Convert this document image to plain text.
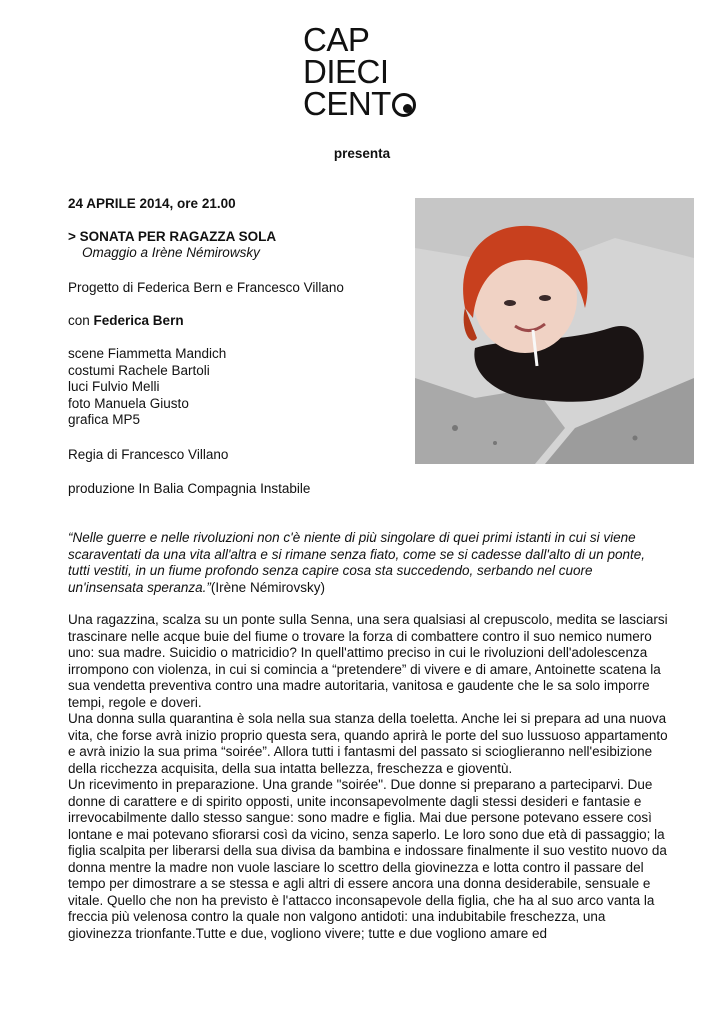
CAP
DIECI
CENT
presenta
24 APRILE 2014, ore 21.00
> SONATA PER RAGAZZA SOLA
Omaggio a Irène Némirowsky
Progetto di Federica Bern e Francesco Villano
con Federica Bern
scene Fiammetta Mandich
costumi Rachele Bartoli
luci Fulvio Melli
foto Manuela Giusto
grafica MP5
Regia di Francesco Villano
produzione In Balia Compagnia Instabile
“Nelle guerre e nelle rivoluzioni non c'è niente di più singolare di quei primi istanti in cui si viene scaraventati da una vita all'altra e si rimane senza fiato, come se si cadesse dall'alto di un ponte, tutti vestiti, in un fiume profondo senza capire cosa sta succedendo, serbando nel cuore un'insensata speranza.”(Irène Némirovsky)

Una ragazzina, scalza su un ponte sulla Senna, una sera qualsiasi al crepuscolo, medita se lasciarsi trascinare nelle acque buie del fiume o trovare la forza di combattere contro il suo nemico numero uno: sua madre. Suicidio o matricidio? In quell'attimo preciso in cui le rivoluzioni dell'adolescenza irrompono con violenza, in cui si comincia a “pretendere” di vivere e di amare, Antoinette scatena la sua vendetta preventiva contro una madre autoritaria, vanitosa e gaudente che le sa solo imporre tempi, regole e doveri.

Una donna sulla quarantina è sola nella sua stanza della toeletta. Anche lei si prepara ad una nuova vita, che forse avrà inizio proprio questa sera, quando aprirà le porte del suo lussuoso appartamento e avrà inizio la sua prima “soirée”. Allora tutti i fantasmi del passato si scioglieranno nell'esibizione della ricchezza acquisita, della sua intatta bellezza, freschezza e gioventù.

Un ricevimento in preparazione. Una grande "soirée". Due donne si preparano a parteciparvi. Due donne di carattere e di spirito opposti, unite inconsapevolmente dagli stessi desideri e fantasie e irrevocabilmente dallo stesso sangue: sono madre e figlia. Mai due persone potevano essere così lontane e mai potevano sfiorarsi così da vicino, senza saperlo. Le loro sono due età di passaggio; la figlia scalpita per liberarsi della sua divisa da bambina e indossare finalmente il suo vestito nuovo da donna mentre la madre non vuole lasciare lo scettro della giovinezza e lotta contro il passare del tempo per dimostrare a se stessa e agli altri di essere ancora una donna desiderabile, sensuale e vitale. Quello che non ha previsto è l'attacco inconsapevole della figlia, che ha al suo arco vanta la freccia più velenosa contro la quale non valgono antidoti: una indubitabile freschezza, una giovinezza trionfante.Tutte e due, vogliono vivere; tutte e due vogliono amare ed
